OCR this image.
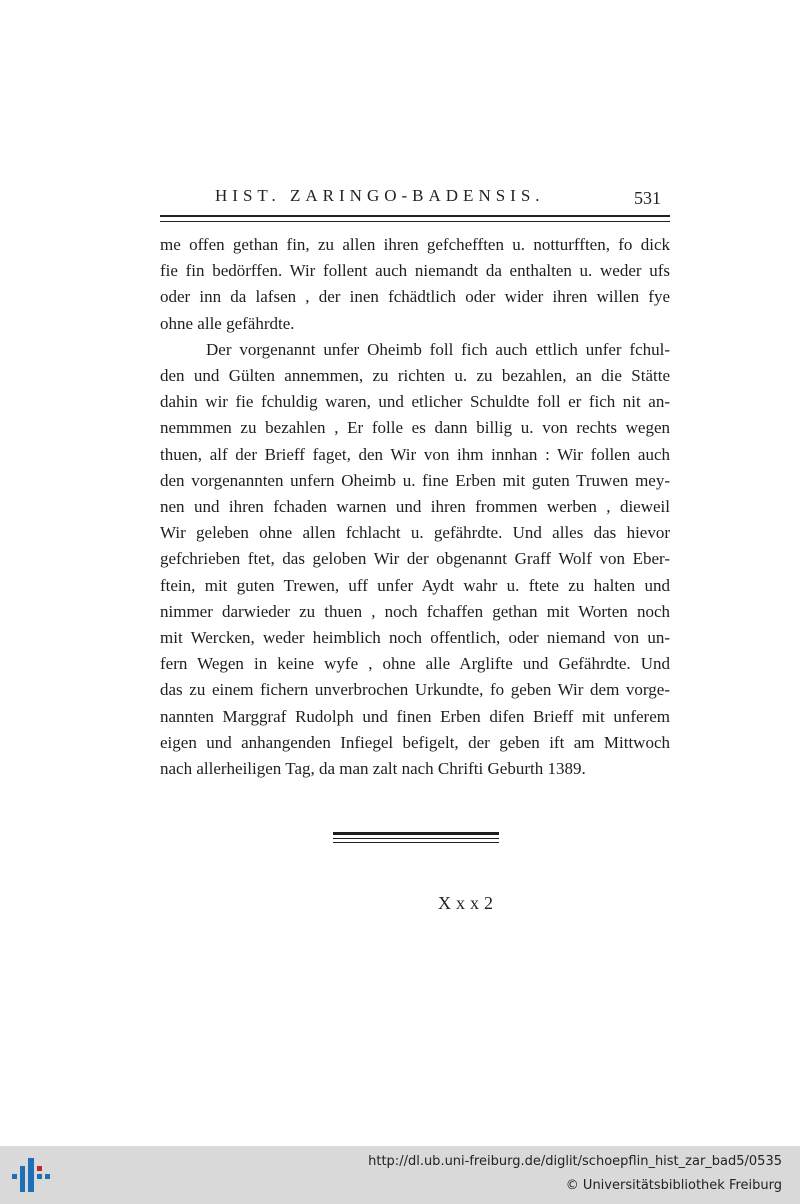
HIST. ZARINGO-BADENSIS.	531

me offen gethan fin, zu allen ihren gefchefften u. notturfften, fo dick
fie fin bedörffen. Wir follent auch niemandt da enthalten u. weder ufs
oder inn da lafsen , der inen fchädtlich oder wider ihren willen fye
ohne alle gefährdte.

Der vorgenannt unfer Oheimb foll fich auch ettlich unfer fchul-
den und Gülten annemmen, zu richten u. zu bezahlen, an die Stätte
dahin wir fie fchuldig waren, und etlicher Schuldte foll er fich nit an-
nemmmen zu bezahlen , Er folle es dann billig u. von rechts wegen
thuen, alf der Brieff faget, den Wir von ihm innhan : Wir follen auch
den vorgenannten unfern Oheimb u. fine Erben mit guten Truwen mey-
nen und ihren fchaden warnen und ihren frommen werben , dieweil
Wir geleben ohne allen fchlacht u. gefährdte. Und alles das hievor
gefchrieben ftet, das geloben Wir der obgenannt Graff Wolf von Eber-
ftein, mit guten Trewen, uff unfer Aydt wahr u. ftete zu halten und
nimmer darwieder zu thuen , noch fchaffen gethan mit Worten noch
mit Wercken, weder heimblich noch offentlich, oder niemand von un-
fern Wegen in keine wyfe , ohne alle Arglifte und Gefährdte. Und
das zu einem fichern unverbrochen Urkundte, fo geben Wir dem vorge-
nannten Marggraf Rudolph und finen Erben difen Brieff mit unferem
eigen und anhangenden Infiegel befigelt, der geben ift am Mittwoch
nach allerheiligen Tag, da man zalt nach Chrifti Geburth 1389.

Xxx2
http://dl.ub.uni-freiburg.de/diglit/schoepflin_hist_zar_bad5/0535
© Universitätsbibliothek Freiburg
